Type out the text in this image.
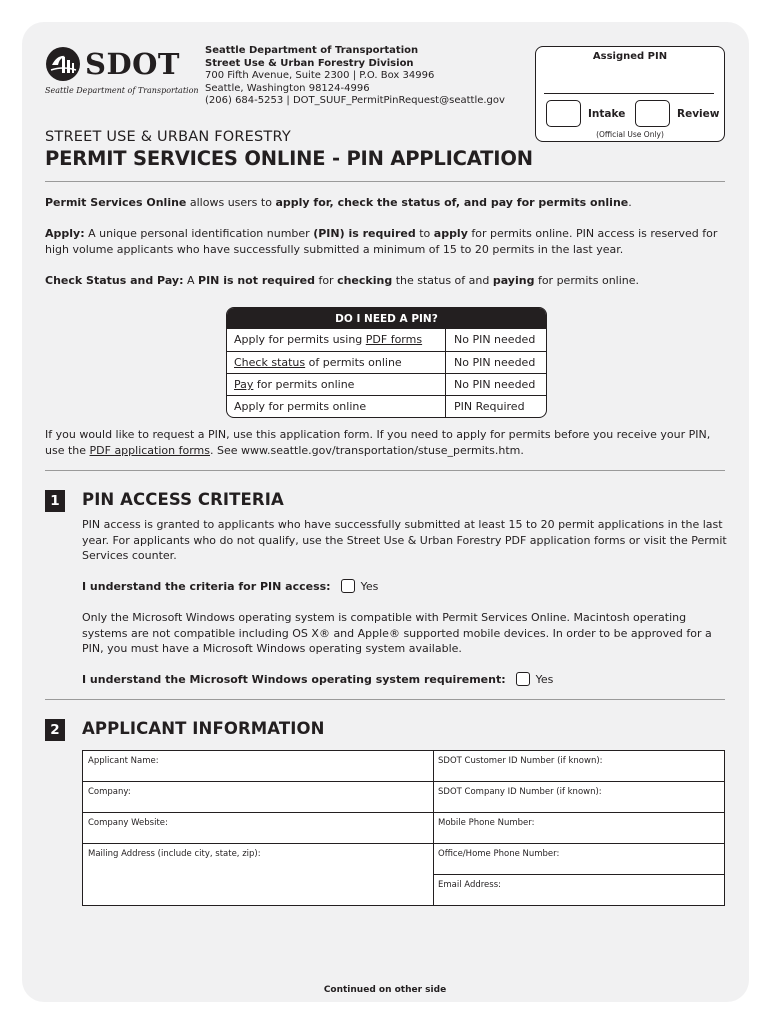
SDOT
Seattle Department of Transportation
Seattle Department of Transportation
Street Use & Urban Forestry Division
700 Fifth Avenue, Suite 2300 | P.O. Box 34996
Seattle, Washington 98124-4996
(206) 684-5253 | DOT_SUUF_PermitPinRequest@seattle.gov
Assigned PIN
Intake	Review
(Official Use Only)
STREET USE & URBAN FORESTRY
PERMIT SERVICES ONLINE - PIN APPLICATION
Permit Services Online allows users to apply for, check the status of, and pay for permits online.
Apply: A unique personal identification number (PIN) is required to apply for permits online. PIN access is reserved for high volume applicants who have successfully submitted a minimum of 15 to 20 permits in the last year.
Check Status and Pay: A PIN is not required for checking the status of and paying for permits online.
DO I NEED A PIN?
Apply for permits using PDF forms	No PIN needed
Check status of permits online	No PIN needed
Pay for permits online	No PIN needed
Apply for permits online	PIN Required
If you would like to request a PIN, use this application form. If you need to apply for permits before you receive your PIN, use the PDF application forms. See www.seattle.gov/transportation/stuse_permits.htm.
1	PIN ACCESS CRITERIA
PIN access is granted to applicants who have successfully submitted at least 15 to 20 permit applications in the last year. For applicants who do not qualify, use the Street Use & Urban Forestry PDF application forms or visit the Permit Services counter.
I understand the criteria for PIN access:	Yes
Only the Microsoft Windows operating system is compatible with Permit Services Online. Macintosh operating systems are not compatible including OS X® and Apple® supported mobile devices. In order to be approved for a PIN, you must have a Microsoft Windows operating system available.
I understand the Microsoft Windows operating system requirement:	Yes
2	APPLICANT INFORMATION
Applicant Name:	SDOT Customer ID Number (if known):
Company:	SDOT Company ID Number (if known):
Company Website:	Mobile Phone Number:
Mailing Address (include city, state, zip):	Office/Home Phone Number:
Email Address:
Continued on other side
